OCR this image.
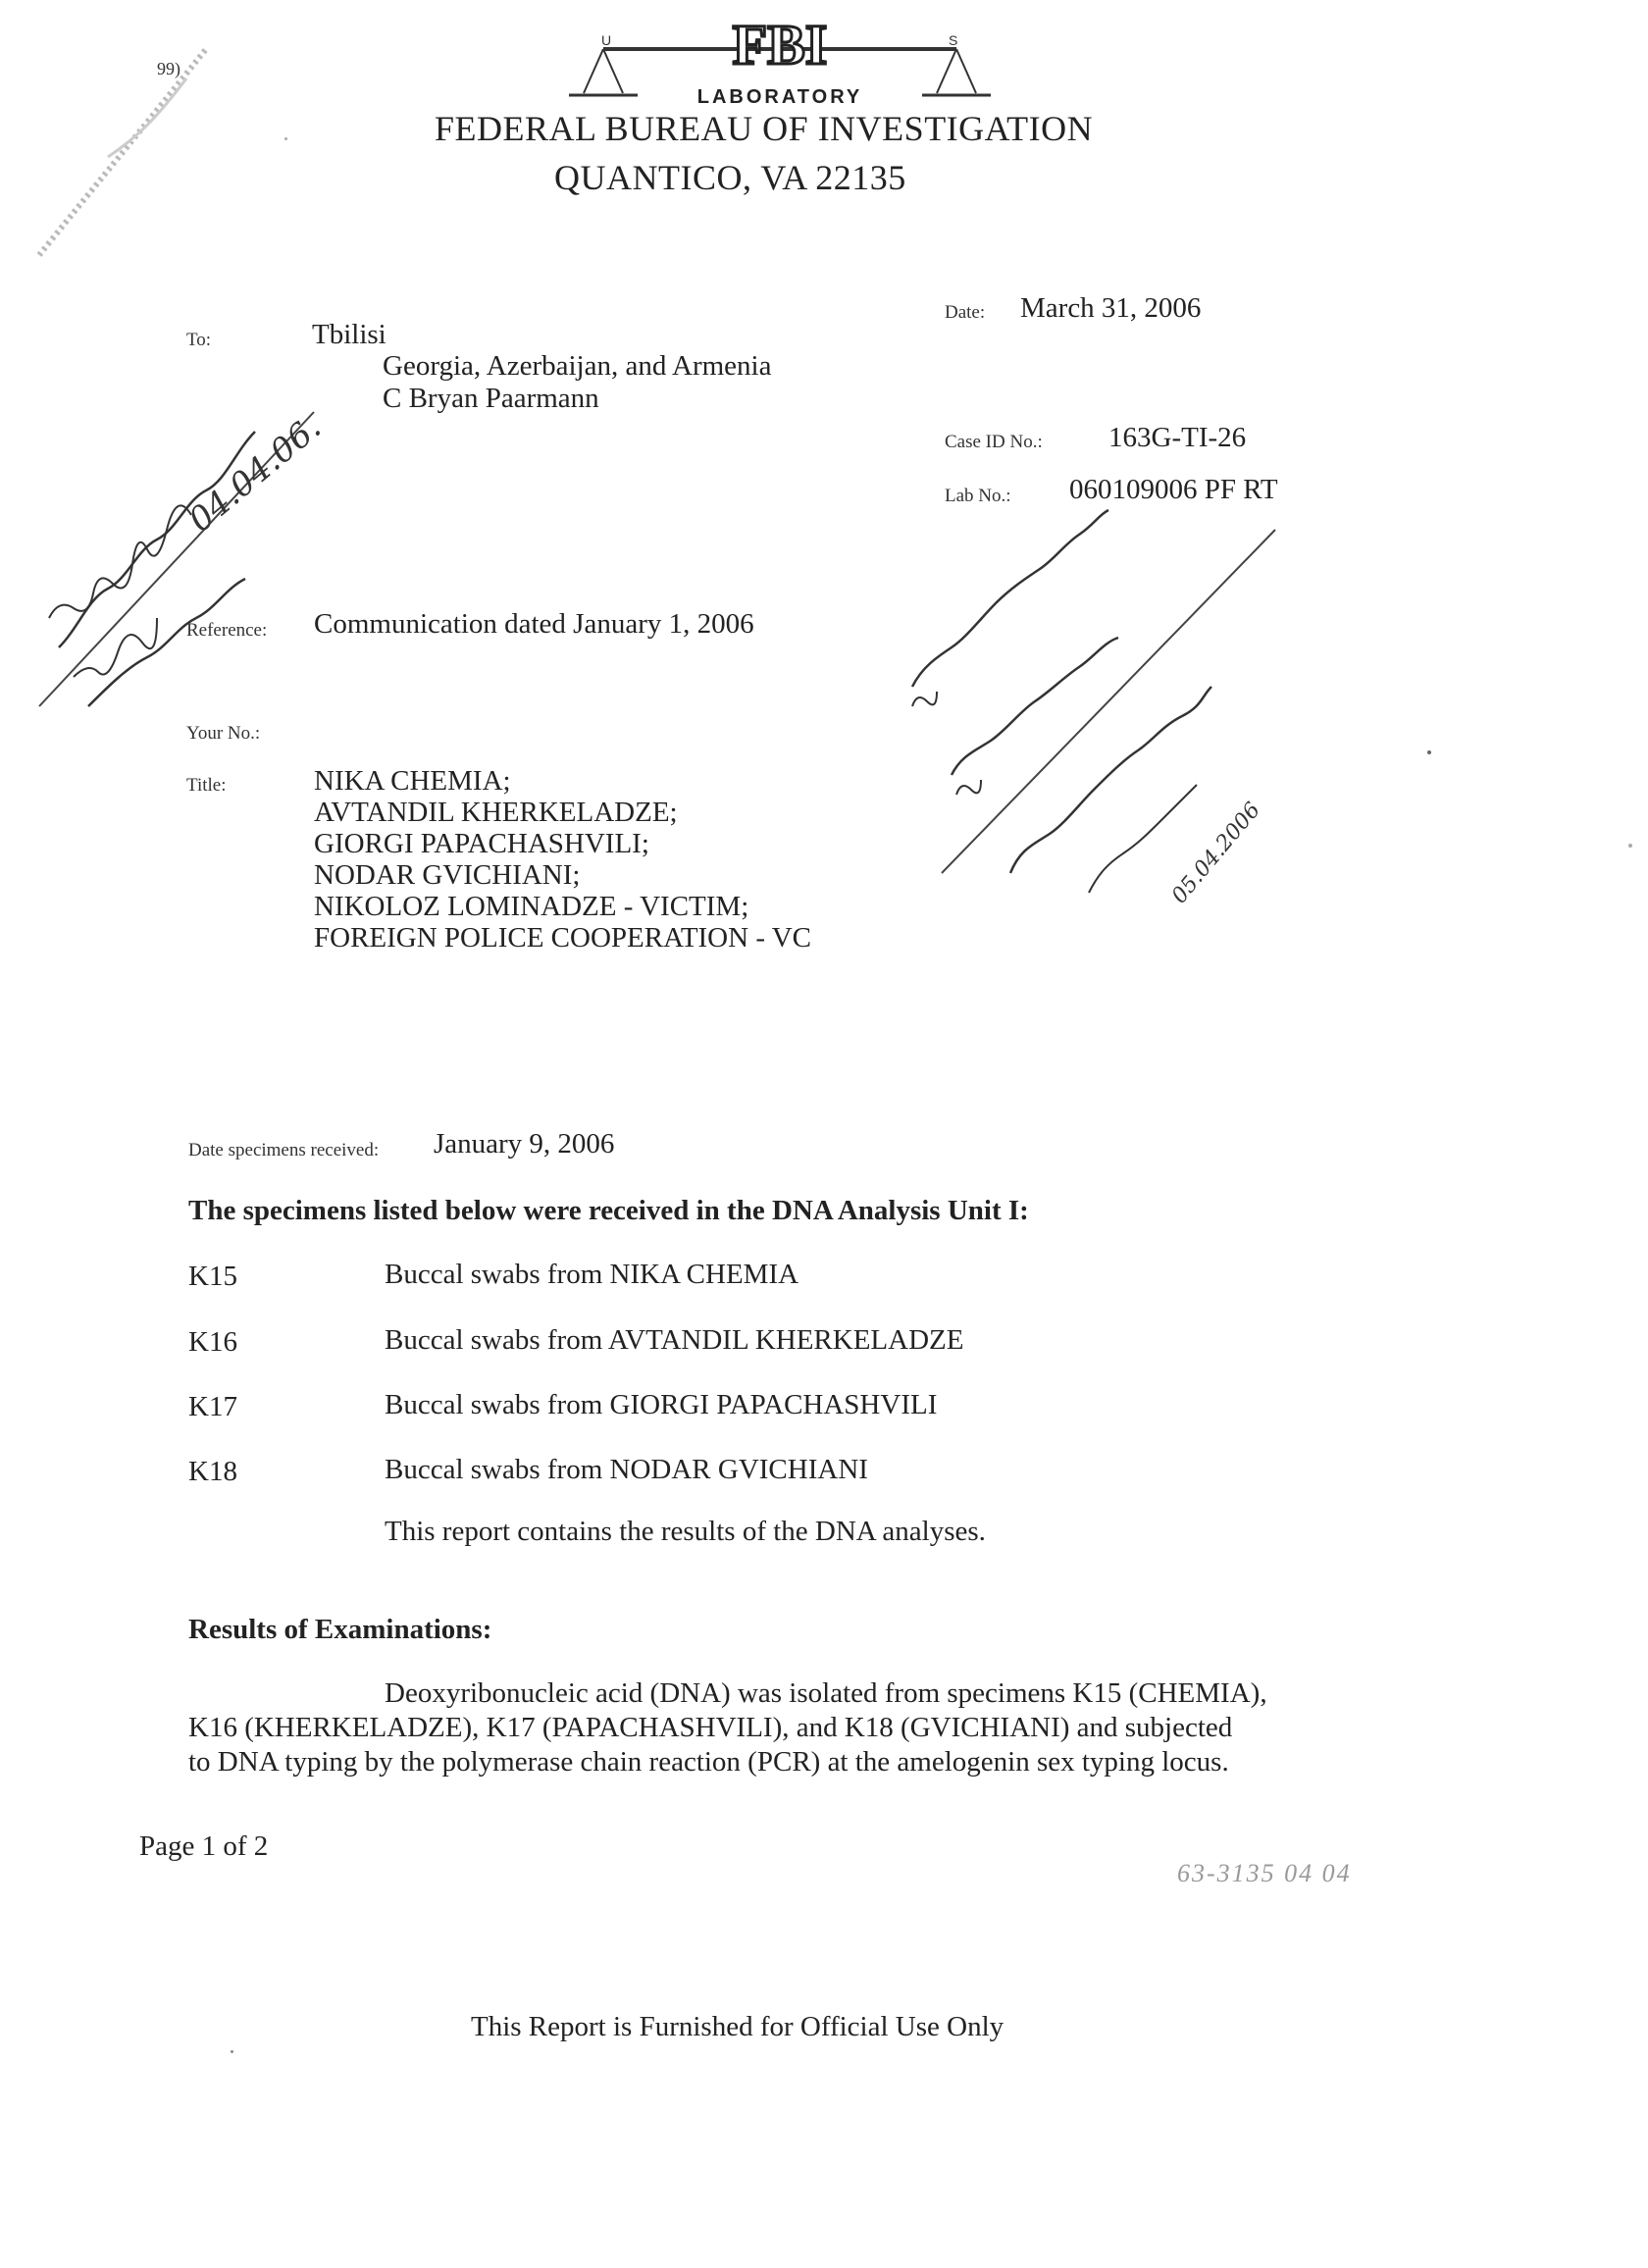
99)
U	S
FBI
LABORATORY
FEDERAL BUREAU OF INVESTIGATION
QUANTICO, VA 22135
To:	Tbilisi
Georgia, Azerbaijan, and Armenia
C Bryan Paarmann
Date: March 31, 2006
Case ID No.: 163G-TI-26
Lab No.: 060109006 PF RT
Reference: Communication dated January 1, 2006
Your No.:
Title:	NIKA CHEMIA;
AVTANDIL KHERKELADZE;
GIORGI PAPACHASHVILI;
NODAR GVICHIANI;
NIKOLOZ LOMINADZE - VICTIM;
FOREIGN POLICE COOPERATION - VC
Date specimens received: January 9, 2006
The specimens listed below were received in the DNA Analysis Unit I:
K15	Buccal swabs from NIKA CHEMIA
K16	Buccal swabs from AVTANDIL KHERKELADZE
K17	Buccal swabs from GIORGI PAPACHASHVILI
K18	Buccal swabs from NODAR GVICHIANI
This report contains the results of the DNA analyses.
Results of Examinations:
Deoxyribonucleic acid (DNA) was isolated from specimens K15 (CHEMIA),
K16 (KHERKELADZE), K17 (PAPACHASHVILI), and K18 (GVICHIANI) and subjected
to DNA typing by the polymerase chain reaction (PCR) at the amelogenin sex typing locus.
Page 1 of 2
63-3135 04 04
This Report is Furnished for Official Use Only
04.04.06.
05.04.2006
